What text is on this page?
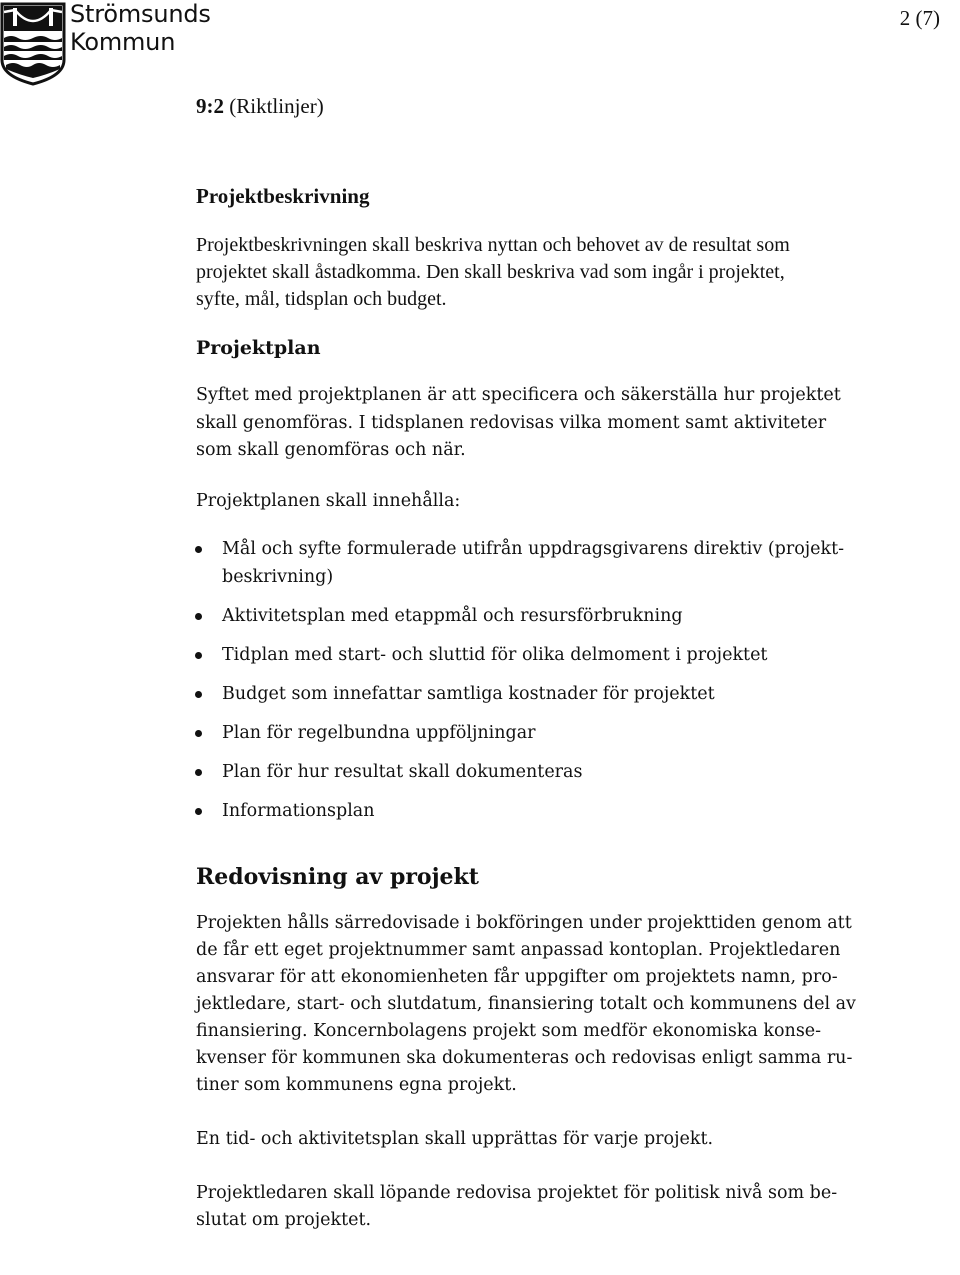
Strömsunds
Kommun
2 (7)

9:2 (Riktlinjer)

Projektbeskrivning

Projektbeskrivningen skall beskriva nyttan och behovet av de resultat som
projektet skall åstadkomma. Den skall beskriva vad som ingår i projektet,
syfte, mål, tidsplan och budget.

Projektplan

Syftet med projektplanen är att specificera och säkerställa hur projektet
skall genomföras. I tidsplanen redovisas vilka moment samt aktiviteter
som skall genomföras och när.

Projektplanen skall innehålla:

Mål och syfte formulerade utifrån uppdragsgivarens direktiv (projekt-
beskrivning)
Aktivitetsplan med etappmål och resursförbrukning
Tidplan med start- och sluttid för olika delmoment i projektet
Budget som innefattar samtliga kostnader för projektet
Plan för regelbundna uppföljningar
Plan för hur resultat skall dokumenteras
Informationsplan
Redovisning av projekt

Projekten hålls särredovisade i bokföringen under projekttiden genom att
de får ett eget projektnummer samt anpassad kontoplan. Projektledaren
ansvarar för att ekonomienheten får uppgifter om projektets namn, pro-
jektledare, start- och slutdatum, finansiering totalt och kommunens del av
finansiering. Koncernbolagens projekt som medför ekonomiska konse-
kvenser för kommunen ska dokumenteras och redovisas enligt samma ru-
tiner som kommunens egna projekt.

En tid- och aktivitetsplan skall upprättas för varje projekt.

Projektledaren skall löpande redovisa projektet för politisk nivå som be-
slutat om projektet.
